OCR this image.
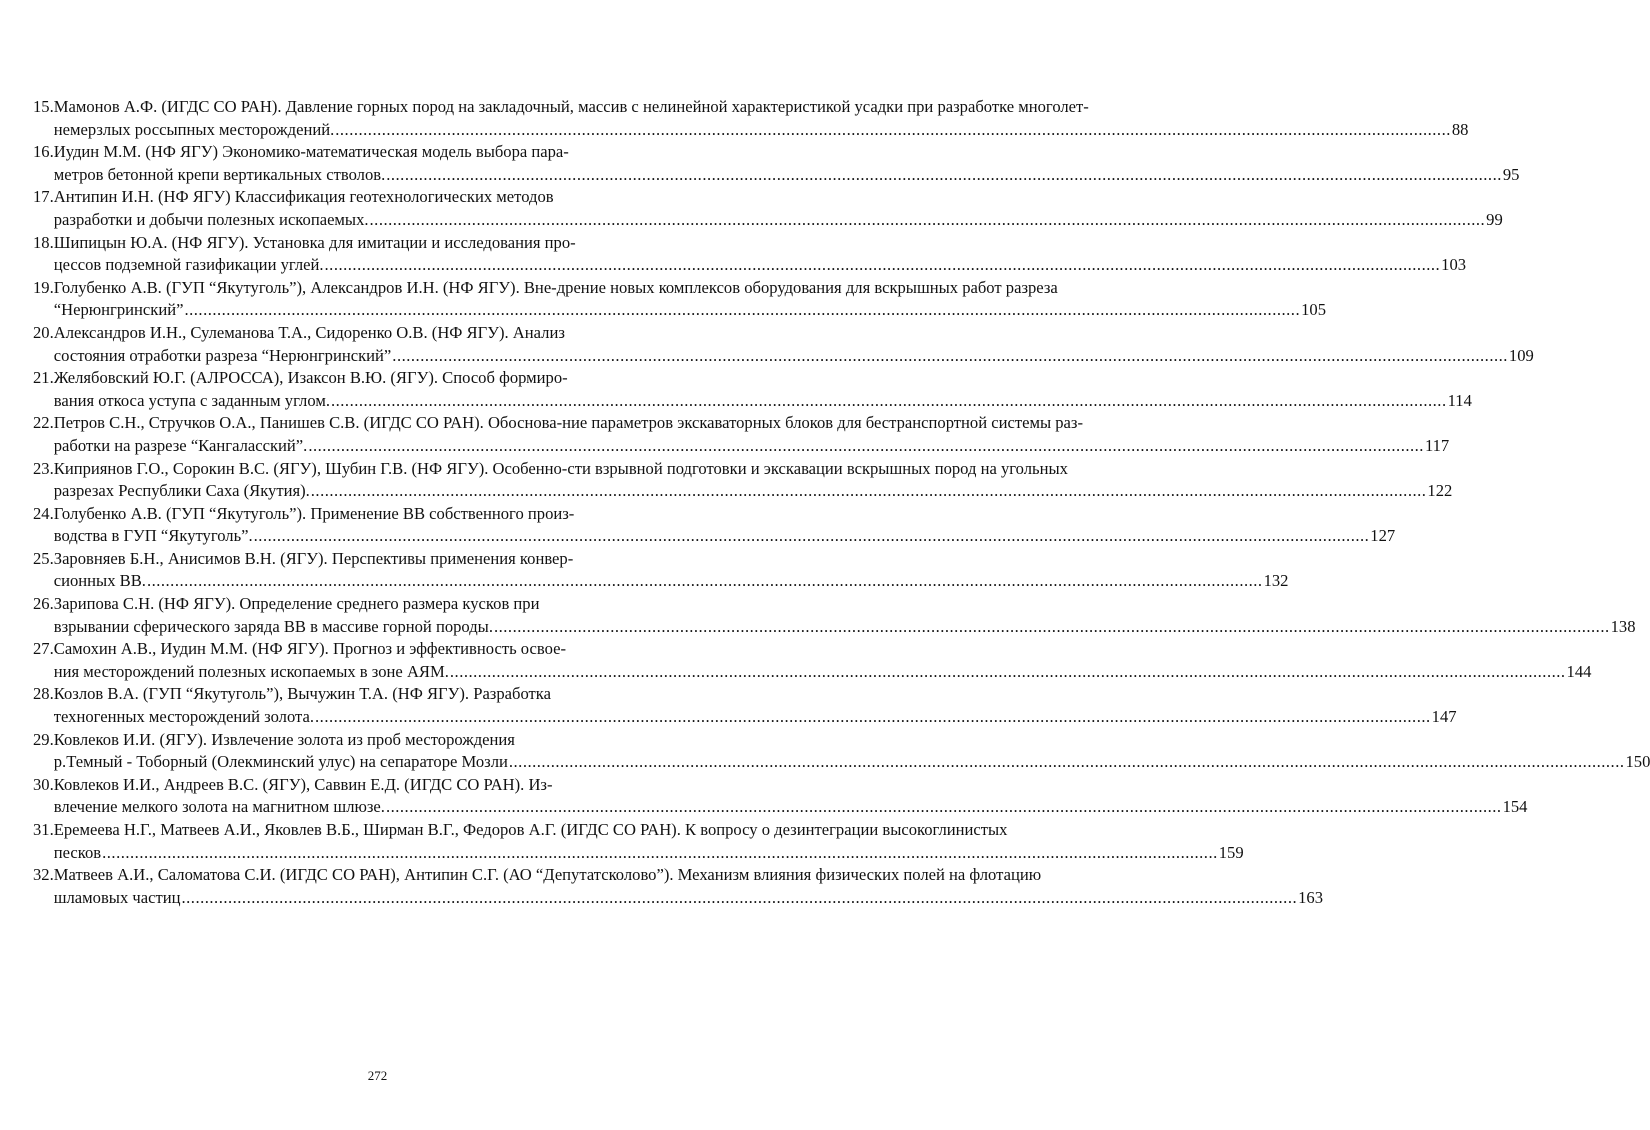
15. Мамонов А.Ф. (ИГДС СО РАН). Давление горных пород на закладочный, массив с нелинейной характеристикой усадки при разработке многолет-
немерзлых россыпных месторождений. .....	88
16. Иудин М.М. (НФ ЯГУ) Экономико-математическая модель выбора пара-
метров бетонной крепи вертикальных стволов. .....	95
17. Антипин И.Н. (НФ ЯГУ) Классификация геотехнологических методов
разработки и добычи полезных ископаемых. .....	99
18. Шипицын Ю.А. (НФ ЯГУ). Установка для имитации и исследования про-
цессов подземной газификации углей. .....	103
19. Голубенко А.В. (ГУП “Якутуголь”), Александров И.Н. (НФ ЯГУ). Вне-дрение новых комплексов оборудования для вскрышных работ разреза
“Нерюнгринский” .....	105
20. Александров И.Н., Сулеманова Т.А., Сидоренко О.В. (НФ ЯГУ). Анализ
состояния отработки разреза “Нерюнгринский” .....	109
21. Желябовский Ю.Г. (АЛРОССА), Изаксон В.Ю. (ЯГУ). Способ формиро-
вания откоса уступа с заданным углом. .....	114
22. Петров С.Н., Стручков О.А., Панишев С.В. (ИГДС СО РАН). Обоснова-ние параметров экскаваторных блоков для бестранспортной системы раз-
работки на разрезе “Кангаласский”. .....	117
23. Киприянов Г.О., Сорокин В.С. (ЯГУ), Шубин Г.В. (НФ ЯГУ). Особенно-сти взрывной подготовки и экскавации вскрышных пород на угольных
разрезах Республики Саха (Якутия). .....	122
24. Голубенко А.В. (ГУП “Якутуголь”). Применение ВВ собственного произ-
водства в ГУП “Якутуголь”. .....	127
25. Заровняев Б.Н., Анисимов В.Н. (ЯГУ). Перспективы применения конвер-
сионных ВВ. .....	132
26. Зарипова С.Н. (НФ ЯГУ). Определение среднего размера кусков при
взрывании сферического заряда ВВ в массиве горной породы. .....	138
27. Самохин А.В., Иудин М.М. (НФ ЯГУ). Прогноз и эффективность освое-
ния месторождений полезных ископаемых в зоне АЯМ. .....	144
28. Козлов В.А. (ГУП “Якутуголь”), Вычужин Т.А. (НФ ЯГУ). Разработка
техногенных месторождений золота. .....	147
29. Ковлеков И.И. (ЯГУ). Извлечение золота из проб месторождения
р.Темный - Тоборный (Олекминский улус) на сепараторе Мозли .....	150
30. Ковлеков И.И., Андреев В.С. (ЯГУ), Саввин Е.Д. (ИГДС СО РАН). Из-
влечение мелкого золота на магнитном шлюзе. .....	154
31. Еремеева Н.Г., Матвеев А.И., Яковлев В.Б., Ширман В.Г., Федоров А.Г. (ИГДС СО РАН). К вопросу о дезинтеграции высокоглинистых
песков .....	159
32. Матвеев А.И., Саломатова С.И. (ИГДС СО РАН), Антипин С.Г. (АО “Депутатсколово”). Механизм влияния физических полей на флотацию
шламовых частиц .....	163
272
